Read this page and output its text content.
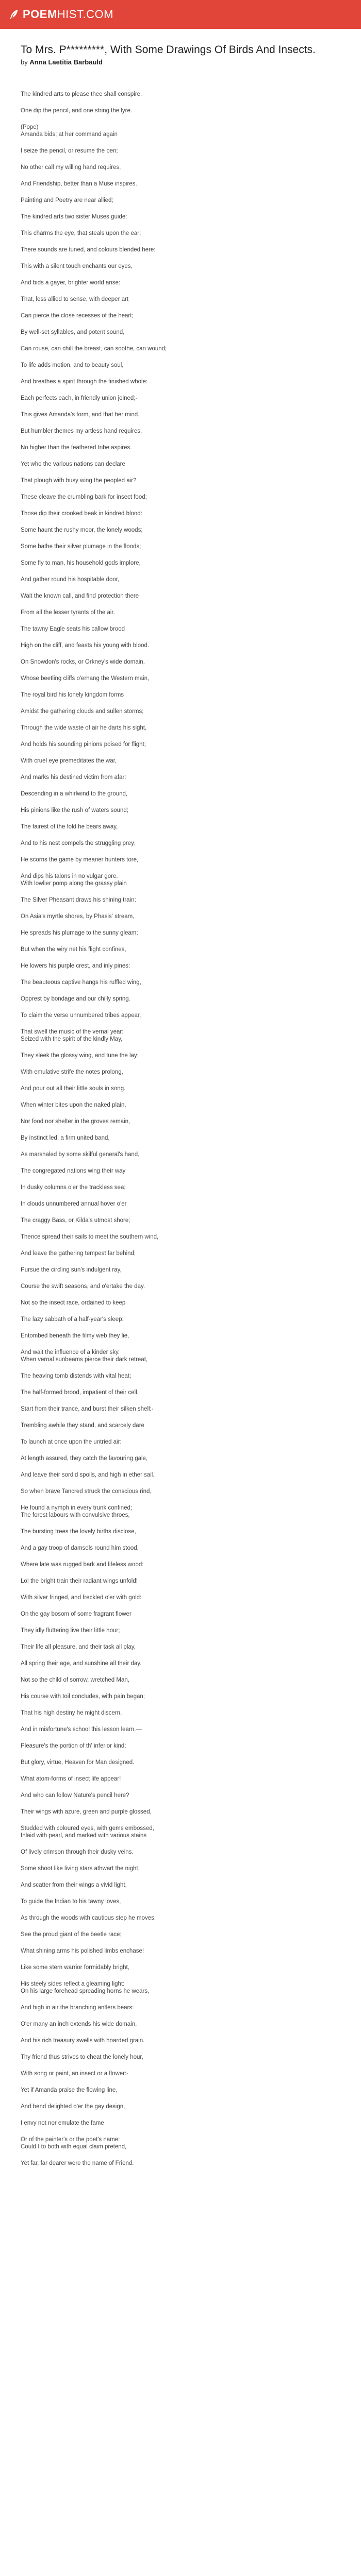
POEM HIST.COM
To Mrs. P*********, With Some Drawings Of Birds And Insects.

by Anna Laetitia Barbauld

The kindred arts to please thee shall conspire,

One dip the pencil, and one string the lyre.

(Pope)
Amanda bids; at her command again

I seize the pencil, or resume the pen;

No other call my willing hand requires,

And Friendship, better than a Muse inspires.

Painting and Poetry are near allied;

The kindred arts two sister Muses guide:

This charms the eye, that steals upon the ear;

There sounds are tuned, and colours blended here:

This with a silent touch enchants our eyes,

And bids a gayer, brighter world arise:

That, less allied to sense, with deeper art

Can pierce the close recesses of the heart;

By well-set syllables, and potent sound,

Can rouse, can chill the breast, can soothe, can wound;

To life adds motion, and to beauty soul,

And breathes a spirit through the finished whole:

Each perfects each, in friendly union joined;-

This gives Amanda's form, and that her mind.

But humbler themes my artless hand requires,

No higher than the feathered tribe aspires.

Yet who the various nations can declare

That plough with busy wing the peopled air?

These cleave the crumbling bark for insect food;

Those dip their crooked beak in kindred blood:

Some haunt the rushy moor, the lonely woods;

Some bathe their silver plumage in the floods;

Some fly to man, his household gods implore,

And gather round his hospitable door,

Wait the known call, and find protection there

From all the lesser tyrants of the air.

The tawny Eagle seats his callow brood

High on the cliff, and feasts his young with blood.

On Snowdon's rocks, or Orkney's wide domain,

Whose beetling cliffs o'erhang the Western main,

The royal bird his lonely kingdom forms

Amidst the gathering clouds and sullen storms;

Through the wide waste of air he darts his sight,

And holds his sounding pinions poised for flight;

With cruel eye premeditates the war,

And marks his destined victim from afar:

Descending in a whirlwind to the ground,

His pinions like the rush of waters sound;

The fairest of the fold he bears away,

And to his nest compels the struggling prey;

He scorns the game by meaner hunters tore,

And dips his talons in no vulgar gore.
With lowlier pomp along the grassy plain

The Silver Pheasant draws his shining train;

On Asia's myrtle shores, by Phasis' stream,

He spreads his plumage to the sunny gleam;

But when the wiry net his flight confines,

He lowers his purple crest, and inly pines:

The beauteous captive hangs his ruffled wing,

Opprest by bondage and our chilly spring.

To claim the verse unnumbered tribes appear,

That swell the music of the vernal year:
Seized with the spirit of the kindly May,

They sleek the glossy wing, and tune the lay;

With emulative strife the notes prolong,

And pour out all their little souls in song.

When winter bites upon the naked plain,

Nor food nor shelter in the groves remain,

By instinct led, a firm united band,

As marshaled by some skilful general's hand,

The congregated nations wing their way

In dusky columns o'er the trackless sea;

In clouds unnumbered annual hover o'er

The craggy Bass, or Kilda's utmost shore;

Thence spread their sails to meet the southern wind,

And leave the gathering tempest far behind;

Pursue the circling sun's indulgent ray,

Course the swift seasons, and o'ertake the day.

Not so the insect race, ordained to keep

The lazy sabbath of a half-year's sleep:

Entombed beneath the filmy web they lie,

And wait the influence of a kinder sky.
When vernal sunbeams pierce their dark retreat,

The heaving tomb distends with vital heat;

The half-formed brood, impatient of their cell,

Start from their trance, and burst their silken shell;-

Trembling awhile they stand, and scarcely dare

To launch at once upon the untried air:

At length assured, they catch the favouring gale,

And leave their sordid spoils, and high in ether sail.

So when brave Tancred struck the conscious rind,

He found a nymph in every trunk confined;
The forest labours with convulsive throes,

The bursting trees the lovely births disclose,

And a gay troop of damsels round him stood,

Where late was rugged bark and lifeless wood:

Lo! the bright train their radiant wings unfold!

With silver fringed, and freckled o'er with gold:

On the gay bosom of some fragrant flower

They idly fluttering live their little hour;

Their life all pleasure, and their task all play,

All spring their age, and sunshine all their day.

Not so the child of sorrow, wretched Man,

His course with toil concludes, with pain began;

That his high destiny he might discern,

And in misfortune's school this lesson learn.—

Pleasure's the portion of th' inferior kind;

But glory, virtue, Heaven for Man designed.

What atom-forms of insect life appear!

And who can follow Nature's pencil here?

Their wings with azure, green and purple glossed,

Studded with coloured eyes, with gems embossed,
Inlaid with pearl, and marked with various stains

Of lively crimson through their dusky veins.

Some shoot like living stars athwart the night,

And scatter from their wings a vivid light,

To guide the Indian to his tawny loves,

As through the woods with cautious step he moves.

See the proud giant of the beetle race;

What shining arms his polished limbs enchase!

Like some stern warrior formidably bright,

His steely sides reflect a gleaming light:
On his large forehead spreading horns he wears,

And high in air the branching antlers bears:

O'er many an inch extends his wide domain,

And his rich treasury swells with hoarded grain.

Thy friend thus strives to cheat the lonely hour,

With song or paint, an insect or a flower:-

Yet if Amanda praise the flowing line,

And bend delighted o'er the gay design,

I envy not nor emulate the fame

Or of the painter's or the poet's name:
Could I to both with equal claim pretend,

Yet far, far dearer were the name of Friend.
